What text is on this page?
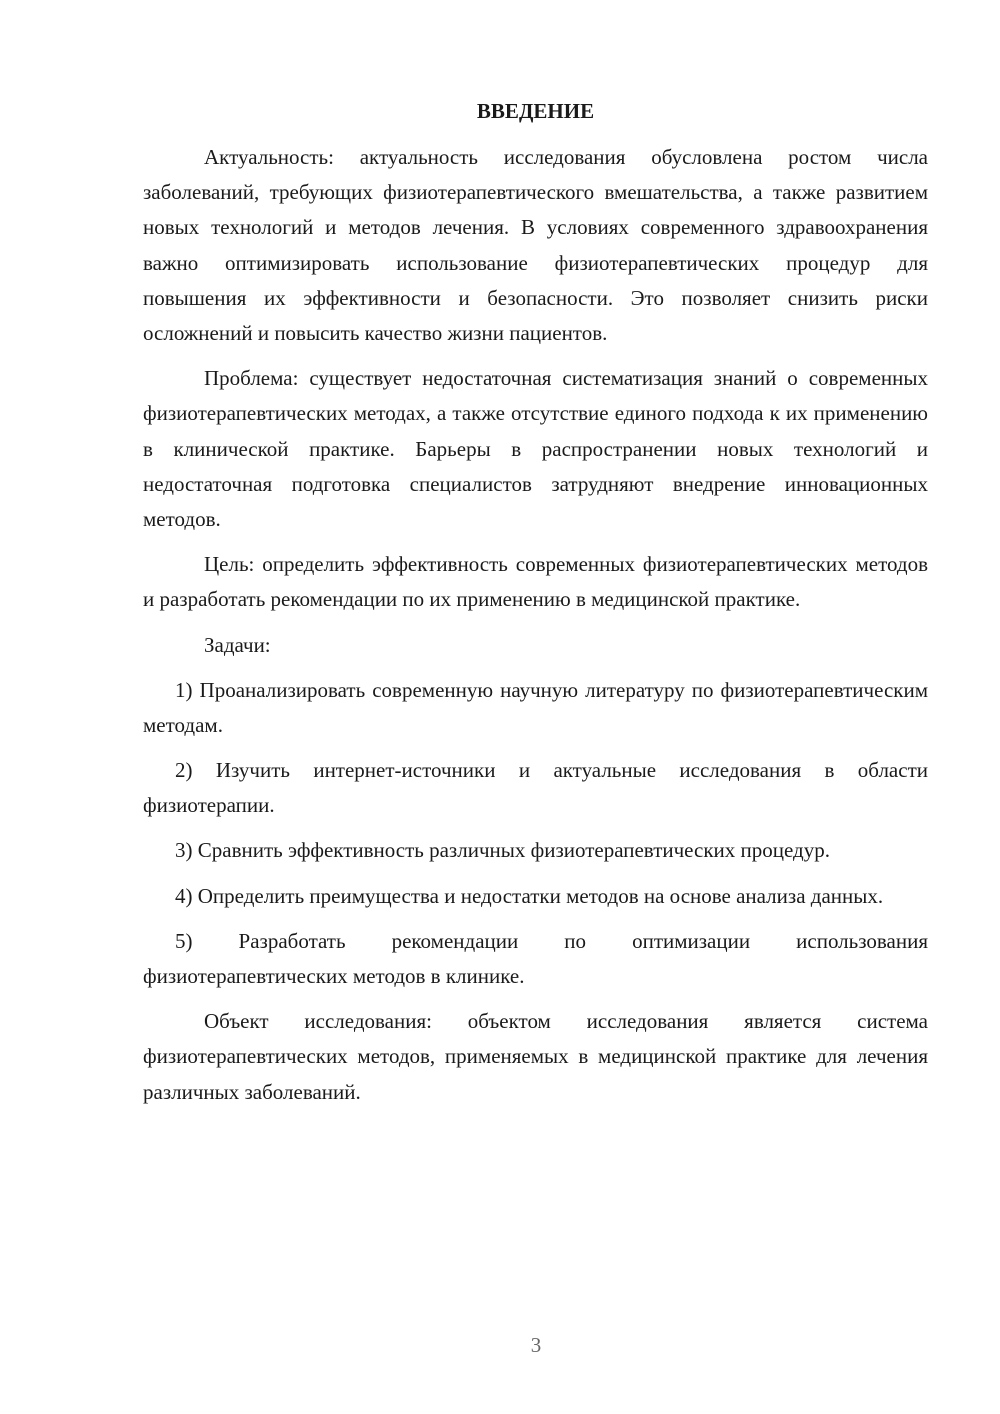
ВВЕДЕНИЕ

Актуальность: актуальность исследования обусловлена ростом числа заболеваний, требующих физиотерапевтического вмешательства, а также развитием новых технологий и методов лечения. В условиях современного здравоохранения важно оптимизировать использование физиотерапевтических процедур для повышения их эффективности и безопасности. Это позволяет снизить риски осложнений и повысить качество жизни пациентов.

Проблема: существует недостаточная систематизация знаний о современных физиотерапевтических методах, а также отсутствие единого подхода к их применению в клинической практике. Барьеры в распространении новых технологий и недостаточная подготовка специалистов затрудняют внедрение инновационных методов.

Цель: определить эффективность современных физиотерапевтических методов и разработать рекомендации по их применению в медицинской практике.

Задачи:

1) Проанализировать современную научную литературу по физиотерапевтическим методам.

2) Изучить интернет-источники и актуальные исследования в области физиотерапии.

3) Сравнить эффективность различных физиотерапевтических процедур.

4) Определить преимущества и недостатки методов на основе анализа данных.

5) Разработать рекомендации по оптимизации использования физиотерапевтических методов в клинике.

Объект исследования: объектом исследования является система физиотерапевтических методов, применяемых в медицинской практике для лечения различных заболеваний.

3
